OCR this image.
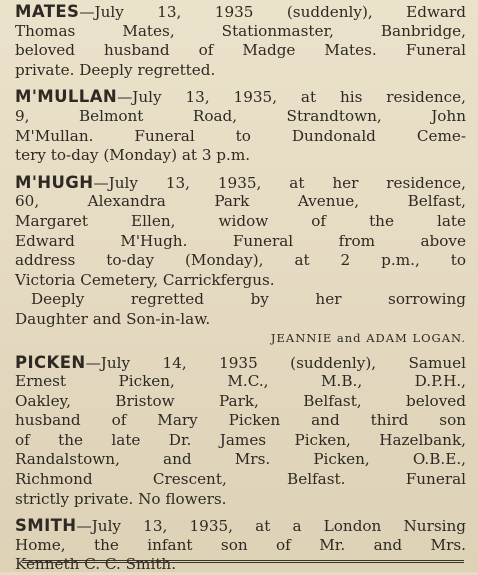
MATES—July 13, 1935 (suddenly), Edward
Thomas Mates, Stationmaster, Banbridge,
beloved husband of Madge Mates. Funeral
private. Deeply regretted.
M'MULLAN—July 13, 1935, at his residence,
9, Belmont Road, Strandtown, John
M'Mullan. Funeral to Dundonald Ceme-
tery to-day (Monday) at 3 p.m.
M'HUGH—July 13, 1935, at her residence,
60, Alexandra Park Avenue, Belfast,
Margaret Ellen, widow of the late
Edward M'Hugh. Funeral from above
address to-day (Monday), at 2 p.m., to
Victoria Cemetery, Carrickfergus.
Deeply regretted by her sorrowing
Daughter and Son-in-law.
JEANNIE and ADAM LOGAN.
PICKEN—July 14, 1935 (suddenly), Samuel
Ernest Picken, M.C., M.B., D.P.H.,
Oakley, Bristow Park, Belfast, beloved
husband of Mary Picken and third son
of the late Dr. James Picken, Hazelbank,
Randalstown, and Mrs. Picken, O.B.E.,
Richmond Crescent, Belfast. Funeral
strictly private. No flowers.
SMITH—July 13, 1935, at a London Nursing
Home, the infant son of Mr. and Mrs.
Kenneth C. C. Smith.
